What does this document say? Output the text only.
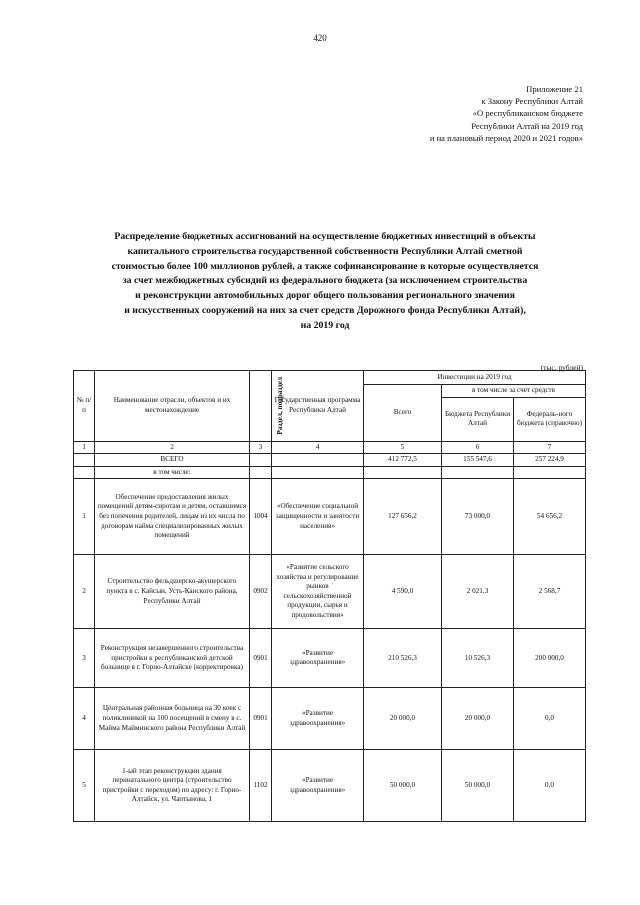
420
Приложение 21
к Закону Республики Алтай
«О республиканском бюджете
Республики Алтай на 2019 год
и на плановый период 2020 и 2021 годов»
Распределение бюджетных ассигнований на осуществление бюджетных инвестиций в объекты
капитального строительства государственной собственности Республики Алтай сметной
стоимостью более 100 миллионов рублей, а также софинансирование в которые осуществляется
за счет межбюджетных субсидий из федерального бюджета (за исключением строительства
и реконструкции автомобильных дорог общего пользования регионального значения
и искусственных сооружений на них за счет средств Дорожного фонда Республики Алтай),
на 2019 год
(тыс. рублей)
№ п/п	Наименование отрасли, объектов и их местонахождение	Раздел, подраздел	Государственная программа Республики Алтай	Инвестиции на 2019 год		
				Всего	в том числе за счет средств	
					Бюджета Республики Алтай	Федераль-ного бюджета (справочно)
1	2	3	4	5	6	7
	ВСЕГО			412 772,5	155 547,6	257 224,9
	в том числе:					
1	Обеспечение предоставления жилых помещений детям-сиротам и детям, оставшимся без попечения родителей, лицам из их числа по договорам найма специализированных жилых помещений	1004	«Обеспечение социальной защищенности и занятости населения»	127 656,2	73 000,0	54 656,2
2	Строительство фельдшерско-акушерского пункта в с. Кайсын, Усть-Канского района, Республики Алтай	0902	«Развитие сельского хозяйства и регулирование рынков сельскохозяйственной продукции, сырья и продовольствия»	4 590,0	2 021,3	2 568,7
3	Реконструкция незавершенного строительства пристройки к республиканской детской больнице в г. Горно-Алтайске (корректировка)	0901	«Развитие здравоохранения»	210 526,3	10 526,3	200 000,0
4	Центральная районная больница на 30 коек с поликлиникой на 100 посещений в смену в с. Майма Майминского района Республики Алтай	0901	«Развитие здравоохранения»	20 000,0	20 000,0	0,0
5	1-ый этап реконструкции здания перинатального центра (строительство пристройки с переходом) по адресу: г. Горно-Алтайск, ул. Чаптынова, 1	1102	«Развитие здравоохранения»	50 000,0	50 000,0	0,0
